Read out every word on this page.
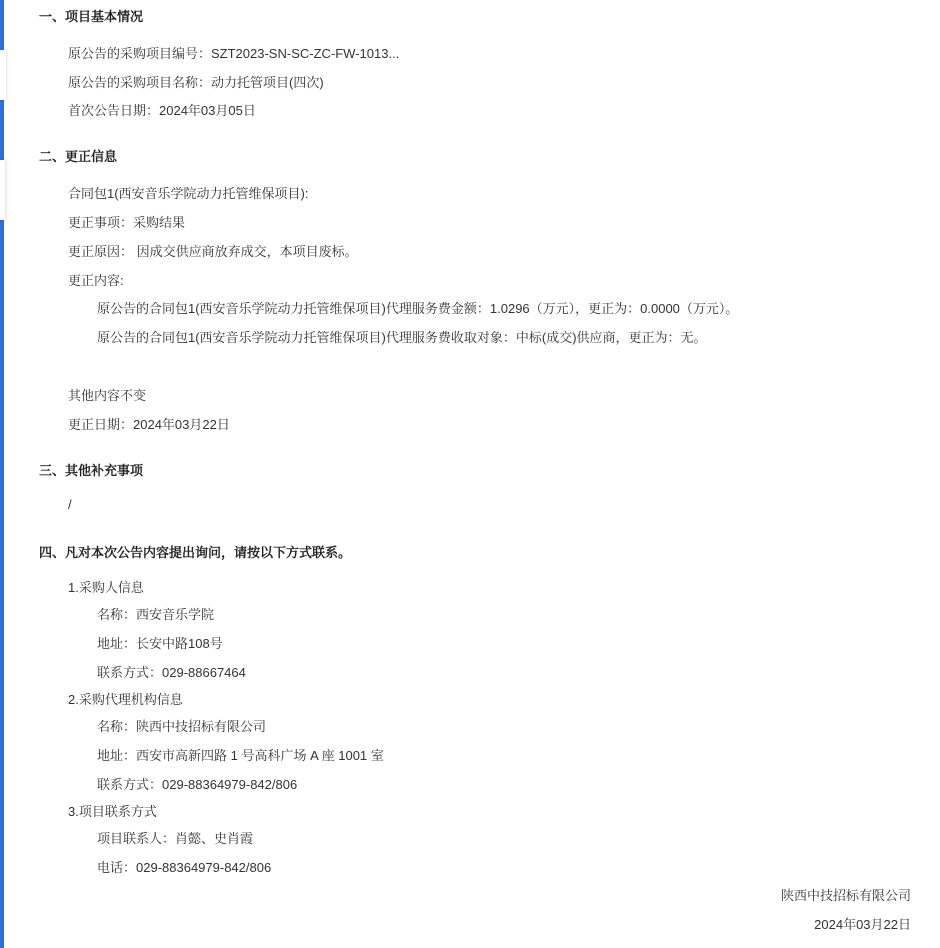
一、项目基本情况
原公告的采购项目编号：SZT2023-SN-SC-ZC-FW-1013...
原公告的采购项目名称：动力托管项目(四次)
首次公告日期：2024年03月05日
二、更正信息
合同包1(西安音乐学院动力托管维保项目):
更正事项：采购结果
更正原因： 因成交供应商放弃成交，本项目废标。
更正内容:
原公告的合同包1(西安音乐学院动力托管维保项目)代理服务费金额：1.0296（万元），更正为：0.0000（万元）。
原公告的合同包1(西安音乐学院动力托管维保项目)代理服务费收取对象：中标(成交)供应商，更正为：无。
其他内容不变
更正日期：2024年03月22日
三、其他补充事项
/
四、凡对本次公告内容提出询问，请按以下方式联系。
1.采购人信息
名称：西安音乐学院
地址：长安中路108号
联系方式：029-88667464
2.采购代理机构信息
名称：陕西中技招标有限公司
地址：西安市高新四路 1 号高科广场 A 座 1001 室
联系方式：029-88364979-842/806
3.项目联系方式
项目联系人：肖懿、史肖霞
电话：029-88364979-842/806
陕西中技招标有限公司
2024年03月22日
